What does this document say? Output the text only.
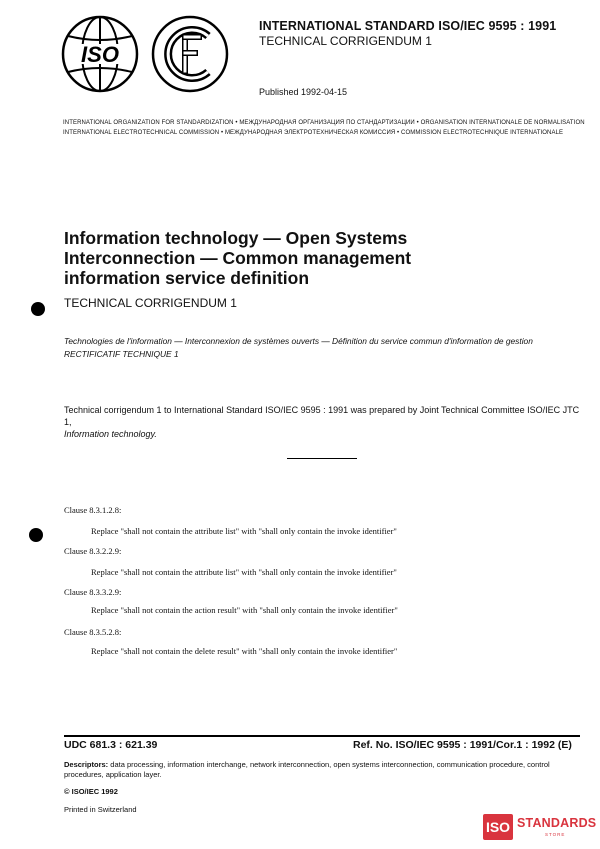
ISO
INTERNATIONAL STANDARD ISO/IEC 9595 : 1991
TECHNICAL CORRIGENDUM 1
Published 1992-04-15
INTERNATIONAL ORGANIZATION FOR STANDARDIZATION • МЕЖДУНАРОДНАЯ ОРГАНИЗАЦИЯ ПО СТАНДАРТИЗАЦИИ • ORGANISATION INTERNATIONALE DE NORMALISATION
INTERNATIONAL ELECTROTECHNICAL COMMISSION • МЕЖДУНАРОДНАЯ ЭЛЕКТРОТЕХНИЧЕСКАЯ КОМИССИЯ • COMMISSION ELECTROTECHNIQUE INTERNATIONALE
Information technology — Open Systems Interconnection — Common management information service definition
TECHNICAL CORRIGENDUM 1
Technologies de l'information — Interconnexion de systèmes ouverts — Définition du service commun d'information de gestion
RECTIFICATIF TECHNIQUE 1
Technical corrigendum 1 to International Standard ISO/IEC 9595 : 1991 was prepared by Joint Technical Committee ISO/IEC JTC 1,
Information technology.
Clause 8.3.1.2.8:
Replace "shall not contain the attribute list" with "shall only contain the invoke identifier"
Clause 8.3.2.2.9:
Replace "shall not contain the attribute list" with "shall only contain the invoke identifier"
Clause 8.3.3.2.9:
Replace "shall not contain the action result" with "shall only contain the invoke identifier"
Clause 8.3.5.2.8:
Replace "shall not contain the delete result" with "shall only contain the invoke identifier"
UDC 681.3 : 621.39	Ref. No. ISO/IEC 9595 : 1991/Cor.1 : 1992 (E)
Descriptors: data processing, information interchange, network interconnection, open systems interconnection, communication procedure, control procedures, application layer.
© ISO/IEC 1992
Printed in Switzerland
ISO STANDARDS
STORE
